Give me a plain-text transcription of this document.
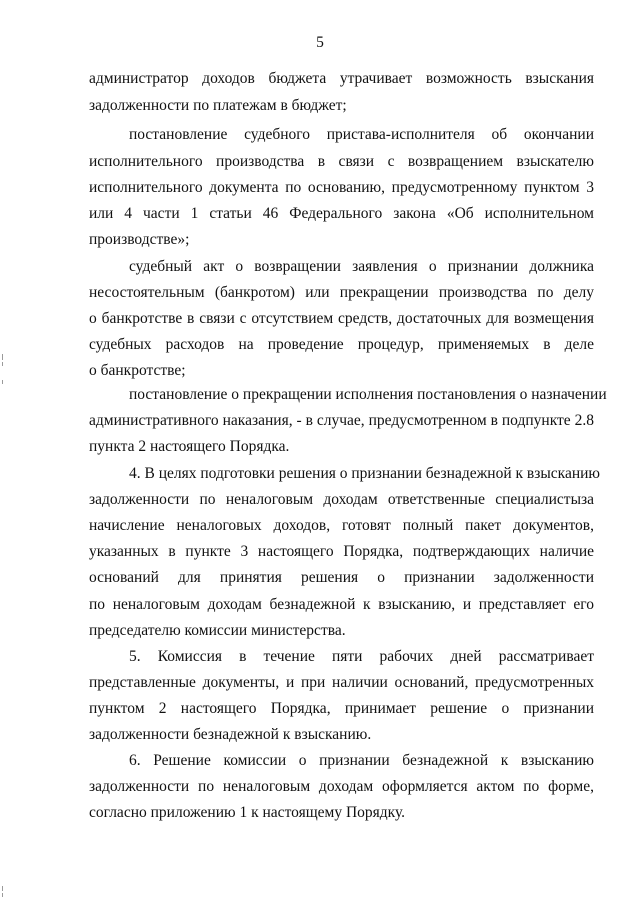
5
администратор доходов бюджета утрачивает возможность взыскания
задолженности по платежам в бюджет;
постановление судебного пристава-исполнителя об окончании
исполнительного производства в связи с возвращением взыскателю
исполнительного документа по основанию, предусмотренному пунктом 3
или 4 части 1 статьи 46 Федерального закона «Об исполнительном
производстве»;
судебный акт о возвращении заявления о признании должника
несостоятельным (банкротом) или прекращении производства по делу
о банкротстве в связи с отсутствием средств, достаточных для возмещения
судебных расходов на проведение процедур, применяемых в деле
о банкротстве;
постановление о прекращении исполнения постановления о назначении
административного наказания, - в случае, предусмотренном в подпункте 2.8
пункта 2 настоящего Порядка.
4. В целях подготовки решения о признании безнадежной к взысканию
задолженности по неналоговым доходам ответственные специалистыза
начисление неналоговых доходов, готовят полный пакет документов,
указанных в пункте 3 настоящего Порядка, подтверждающих наличие
оснований для принятия решения о признании задолженности
по неналоговым доходам безнадежной к взысканию, и представляет его
председателю комиссии министерства.
5. Комиссия в течение пяти рабочих дней рассматривает
представленные документы, и при наличии оснований, предусмотренных
пунктом 2 настоящего Порядка, принимает решение о признании
задолженности безнадежной к взысканию.
6. Решение комиссии о признании безнадежной к взысканию
задолженности по неналоговым доходам оформляется актом по форме,
согласно приложению 1 к настоящему Порядку.
